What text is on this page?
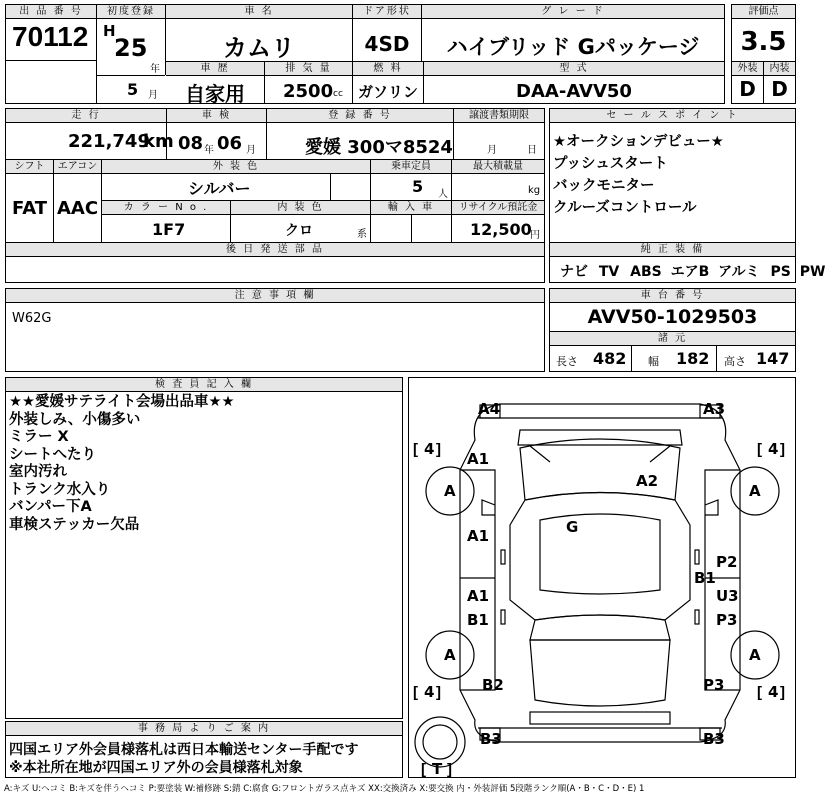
出 品 番 号
70112
初度登録
H
25
年
5 月
車 名
カムリ
ドア形状
4SD
グ レ ー ド
ハイブリッド Gパッケージ
車 歴
自家用
排 気 量
2500 cc
燃 料
ガソリン
型 式
DAA-AVV50
評価点
3.5
外装	内装
D D
走 行
221,749
km
車 検
08 年 06 月
登 録 番 号
愛媛 300マ8524
譲渡書類期限
月	日
シフト
FAT
エアコン
AAC
外 装 色
シルバー
乗車定員
5 人
最大積載量
kg
カ ラ ー N o .
1F7
内 装 色
クロ	系
輸 入 車	リサイクル預託金
12,500
円
後 日 発 送 部 品
セ ー ル ス ポ イ ン ト
★オークションデビュー★
プッシュスタート
バックモニター
クルーズコントロール
純 正 装 備
ナビ TV ABS エアB アルミ PS PW
注 意 事 項 欄
W62G
車 台 番 号
AVV50-1029503
諸 元
長さ 482 幅 182 高さ 147
検 査 員 記 入 欄
★★愛媛サテライト会場出品車★★
外装しみ、小傷多い
ミラー X
シートへたり
室内汚れ
トランク水入り
バンパー下A
車検ステッカー欠品
事 務 局 よ り ご 案 内
四国エリア外会員様落札は西日本輸送センター手配です
※本社所在地が四国エリア外の会員様落札対象
[ ]	[ ]
[ ]	[ ]
[ ]
A4	A3
A1
A2
G
A1
P2
B1
A1	U3
B1	P3
B2	P3
B3	B3
A	A
A	A
4	4
4	4
T
A:キズ U:ヘコミ B:キズを伴うヘコミ P:要塗装 W:補修跡 S:錆 C:腐食 G:フロントガラス点キズ XX:交換済み X:要交換 内・外装評価 5段階ランク順(A・B・C・D・E) 1
